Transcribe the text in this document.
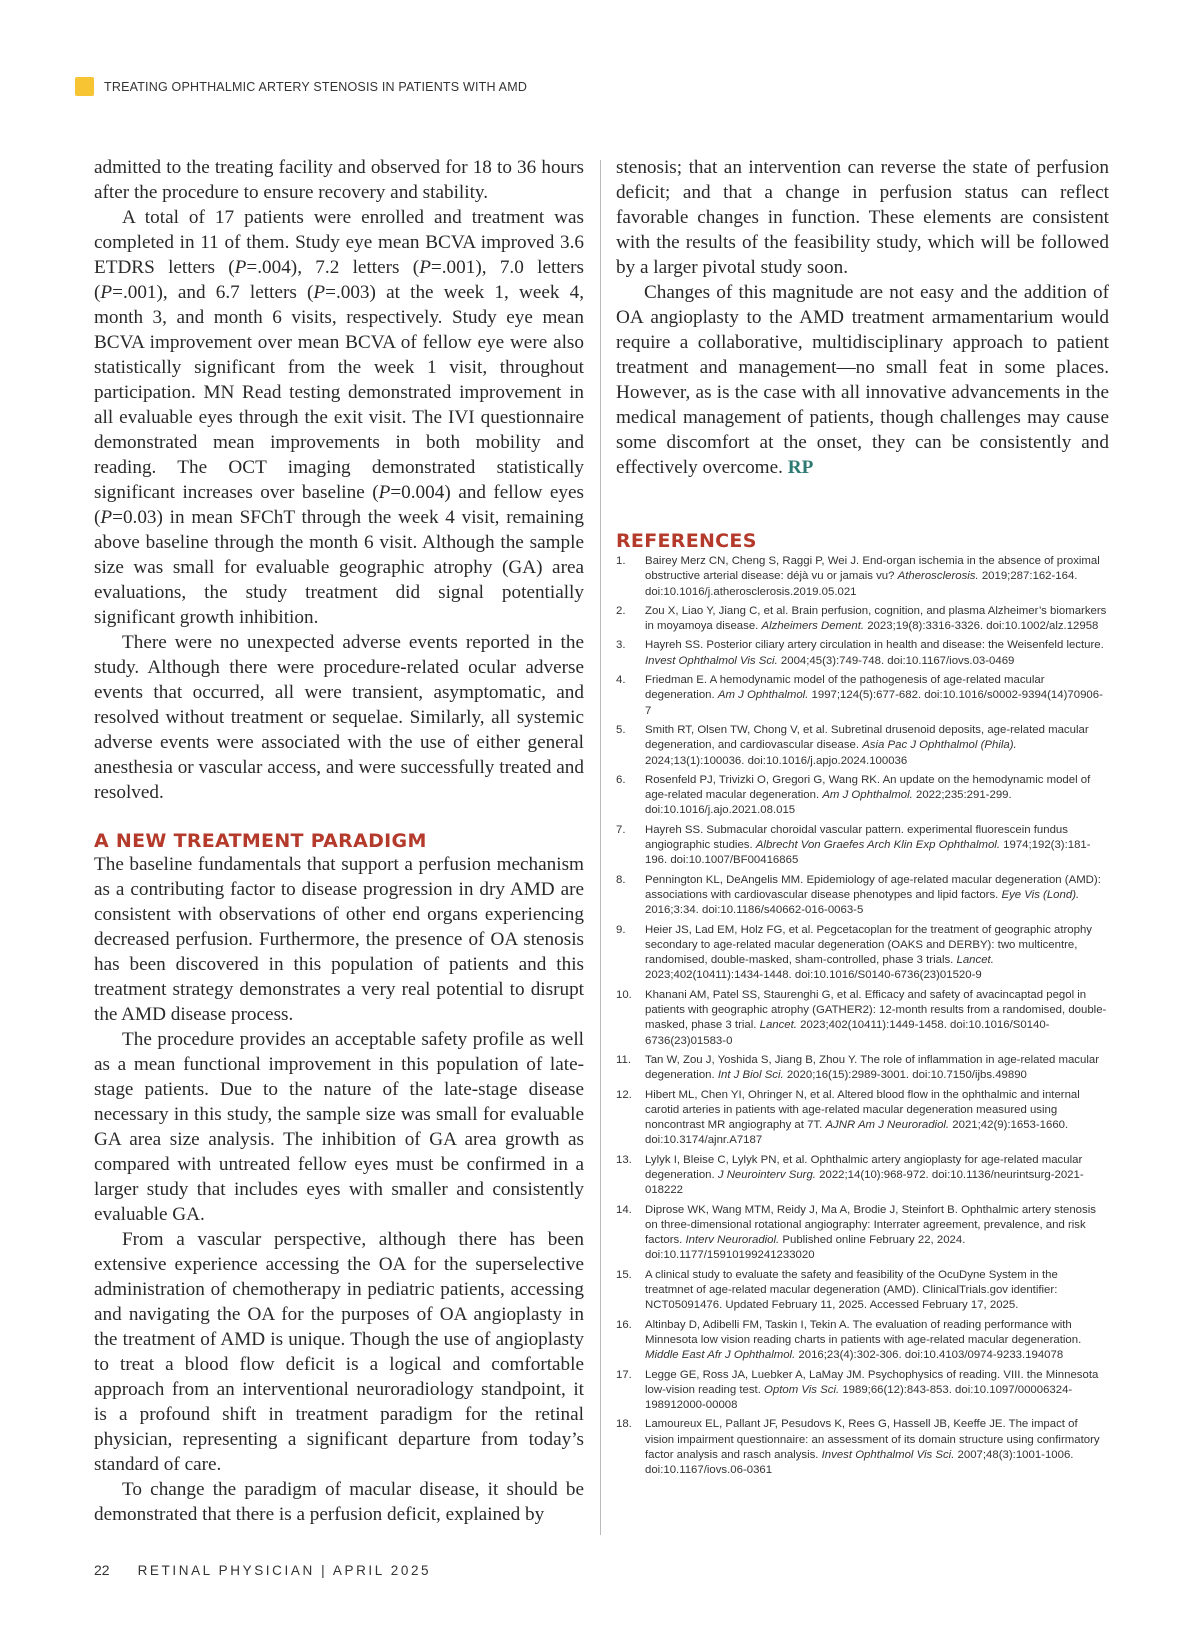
TREATING OPHTHALMIC ARTERY STENOSIS IN PATIENTS WITH AMD

admitted to the treating facility and observed for 18 to 36 hours after the procedure to ensure recovery and stability.

A total of 17 patients were enrolled and treatment was completed in 11 of them. Study eye mean BCVA improved 3.6 ETDRS letters (P=.004), 7.2 letters (P=.001), 7.0 letters (P=.001), and 6.7 letters (P=.003) at the week 1, week 4, month 3, and month 6 visits, respectively. Study eye mean BCVA improvement over mean BCVA of fellow eye were also statistically significant from the week 1 visit, throughout participation. MN Read testing demonstrated improvement in all evaluable eyes through the exit visit. The IVI questionnaire demonstrated mean improvements in both mobility and reading. The OCT imaging demonstrated statistically significant increases over baseline (P=0.004) and fellow eyes (P=0.03) in mean SFChT through the week 4 visit, remaining above baseline through the month 6 visit. Although the sample size was small for evaluable geographic atrophy (GA) area evaluations, the study treatment did signal potentially significant growth inhibition.

There were no unexpected adverse events reported in the study. Although there were procedure-related ocular adverse events that occurred, all were transient, asymptomatic, and resolved without treatment or sequelae. Similarly, all systemic adverse events were associated with the use of either general anesthesia or vascular access, and were successfully treated and resolved.

A NEW TREATMENT PARADIGM

The baseline fundamentals that support a perfusion mechanism as a contributing factor to disease progression in dry AMD are consistent with observations of other end organs experiencing decreased perfusion. Furthermore, the presence of OA stenosis has been discovered in this population of patients and this treatment strategy demonstrates a very real potential to disrupt the AMD disease process.

The procedure provides an acceptable safety profile as well as a mean functional improvement in this population of late-stage patients. Due to the nature of the late-stage disease necessary in this study, the sample size was small for evaluable GA area size analysis. The inhibition of GA area growth as compared with untreated fellow eyes must be confirmed in a larger study that includes eyes with smaller and consistently evaluable GA.

From a vascular perspective, although there has been extensive experience accessing the OA for the superselective administration of chemotherapy in pediatric patients, accessing and navigating the OA for the purposes of OA angioplasty in the treatment of AMD is unique. Though the use of angioplasty to treat a blood flow deficit is a logical and comfortable approach from an interventional neuroradiology standpoint, it is a profound shift in treatment paradigm for the retinal physician, representing a significant departure from today’s standard of care.

To change the paradigm of macular disease, it should be demonstrated that there is a perfusion deficit, explained by

stenosis; that an intervention can reverse the state of perfusion deficit; and that a change in perfusion status can reflect favorable changes in function. These elements are consistent with the results of the feasibility study, which will be followed by a larger pivotal study soon.

Changes of this magnitude are not easy and the addition of OA angioplasty to the AMD treatment armamentarium would require a collaborative, multidisciplinary approach to patient treatment and management—no small feat in some places. However, as is the case with all innovative advancements in the medical management of patients, though challenges may cause some discomfort at the onset, they can be consistently and effectively overcome. RP

REFERENCES
1.	Bairey Merz CN, Cheng S, Raggi P, Wei J. End-organ ischemia in the absence of proximal obstructive arterial disease: déjà vu or jamais vu? Atherosclerosis. 2019;287:162-164. doi:10.1016/j.atherosclerosis.2019.05.021
2.	Zou X, Liao Y, Jiang C, et al. Brain perfusion, cognition, and plasma Alzheimer’s biomarkers in moyamoya disease. Alzheimers Dement. 2023;19(8):3316-3326. doi:10.1002/alz.12958
3.	Hayreh SS. Posterior ciliary artery circulation in health and disease: the Weisenfeld lecture. Invest Ophthalmol Vis Sci. 2004;45(3):749-748. doi:10.1167/iovs.03-0469
4.	Friedman E. A hemodynamic model of the pathogenesis of age-related macular degeneration. Am J Ophthalmol. 1997;124(5):677-682. doi:10.1016/s0002-9394(14)70906-7
5.	Smith RT, Olsen TW, Chong V, et al. Subretinal drusenoid deposits, age-related macular degeneration, and cardiovascular disease. Asia Pac J Ophthalmol (Phila). 2024;13(1):100036. doi:10.1016/j.apjo.2024.100036
6.	Rosenfeld PJ, Trivizki O, Gregori G, Wang RK. An update on the hemodynamic model of age-related macular degeneration. Am J Ophthalmol. 2022;235:291-299. doi:10.1016/j.ajo.2021.08.015
7.	Hayreh SS. Submacular choroidal vascular pattern. experimental fluorescein fundus angiographic studies. Albrecht Von Graefes Arch Klin Exp Ophthalmol. 1974;192(3):181-196. doi:10.1007/BF00416865
8.	Pennington KL, DeAngelis MM. Epidemiology of age-related macular degeneration (AMD): associations with cardiovascular disease phenotypes and lipid factors. Eye Vis (Lond). 2016;3:34. doi:10.1186/s40662-016-0063-5
9.	Heier JS, Lad EM, Holz FG, et al. Pegcetacoplan for the treatment of geographic atrophy secondary to age-related macular degeneration (OAKS and DERBY): two multicentre, randomised, double-masked, sham-controlled, phase 3 trials. Lancet. 2023;402(10411):1434-1448. doi:10.1016/S0140-6736(23)01520-9
10.	Khanani AM, Patel SS, Staurenghi G, et al. Efficacy and safety of avacincaptad pegol in patients with geographic atrophy (GATHER2): 12-month results from a randomised, double-masked, phase 3 trial. Lancet. 2023;402(10411):1449-1458. doi:10.1016/S0140-6736(23)01583-0
11.	Tan W, Zou J, Yoshida S, Jiang B, Zhou Y. The role of inflammation in age-related macular degeneration. Int J Biol Sci. 2020;16(15):2989-3001. doi:10.7150/ijbs.49890
12.	Hibert ML, Chen YI, Ohringer N, et al. Altered blood flow in the ophthalmic and internal carotid arteries in patients with age-related macular degeneration measured using noncontrast MR angiography at 7T. AJNR Am J Neuroradiol. 2021;42(9):1653-1660. doi:10.3174/ajnr.A7187
13.	Lylyk I, Bleise C, Lylyk PN, et al. Ophthalmic artery angioplasty for age-related macular degeneration. J Neurointerv Surg. 2022;14(10):968-972. doi:10.1136/neurintsurg-2021-018222
14.	Diprose WK, Wang MTM, Reidy J, Ma A, Brodie J, Steinfort B. Ophthalmic artery stenosis on three-dimensional rotational angiography: Interrater agreement, prevalence, and risk factors. Interv Neuroradiol. Published online February 22, 2024. doi:10.1177/15910199241233020
15.	A clinical study to evaluate the safety and feasibility of the OcuDyne System in the treatmnet of age-related macular degeneration (AMD). ClinicalTrials.gov identifier: NCT05091476. Updated February 11, 2025. Accessed February 17, 2025.
16.	Altinbay D, Adibelli FM, Taskin I, Tekin A. The evaluation of reading performance with Minnesota low vision reading charts in patients with age-related macular degeneration. Middle East Afr J Ophthalmol. 2016;23(4):302-306. doi:10.4103/0974-9233.194078
17.	Legge GE, Ross JA, Luebker A, LaMay JM. Psychophysics of reading. VIII. the Minnesota low-vision reading test. Optom Vis Sci. 1989;66(12):843-853. doi:10.1097/00006324-198912000-00008
18.	Lamoureux EL, Pallant JF, Pesudovs K, Rees G, Hassell JB, Keeffe JE. The impact of vision impairment questionnaire: an assessment of its domain structure using confirmatory factor analysis and rasch analysis. Invest Ophthalmol Vis Sci. 2007;48(3):1001-1006. doi:10.1167/iovs.06-0361
22 RETINAL PHYSICIAN | APRIL 2025
